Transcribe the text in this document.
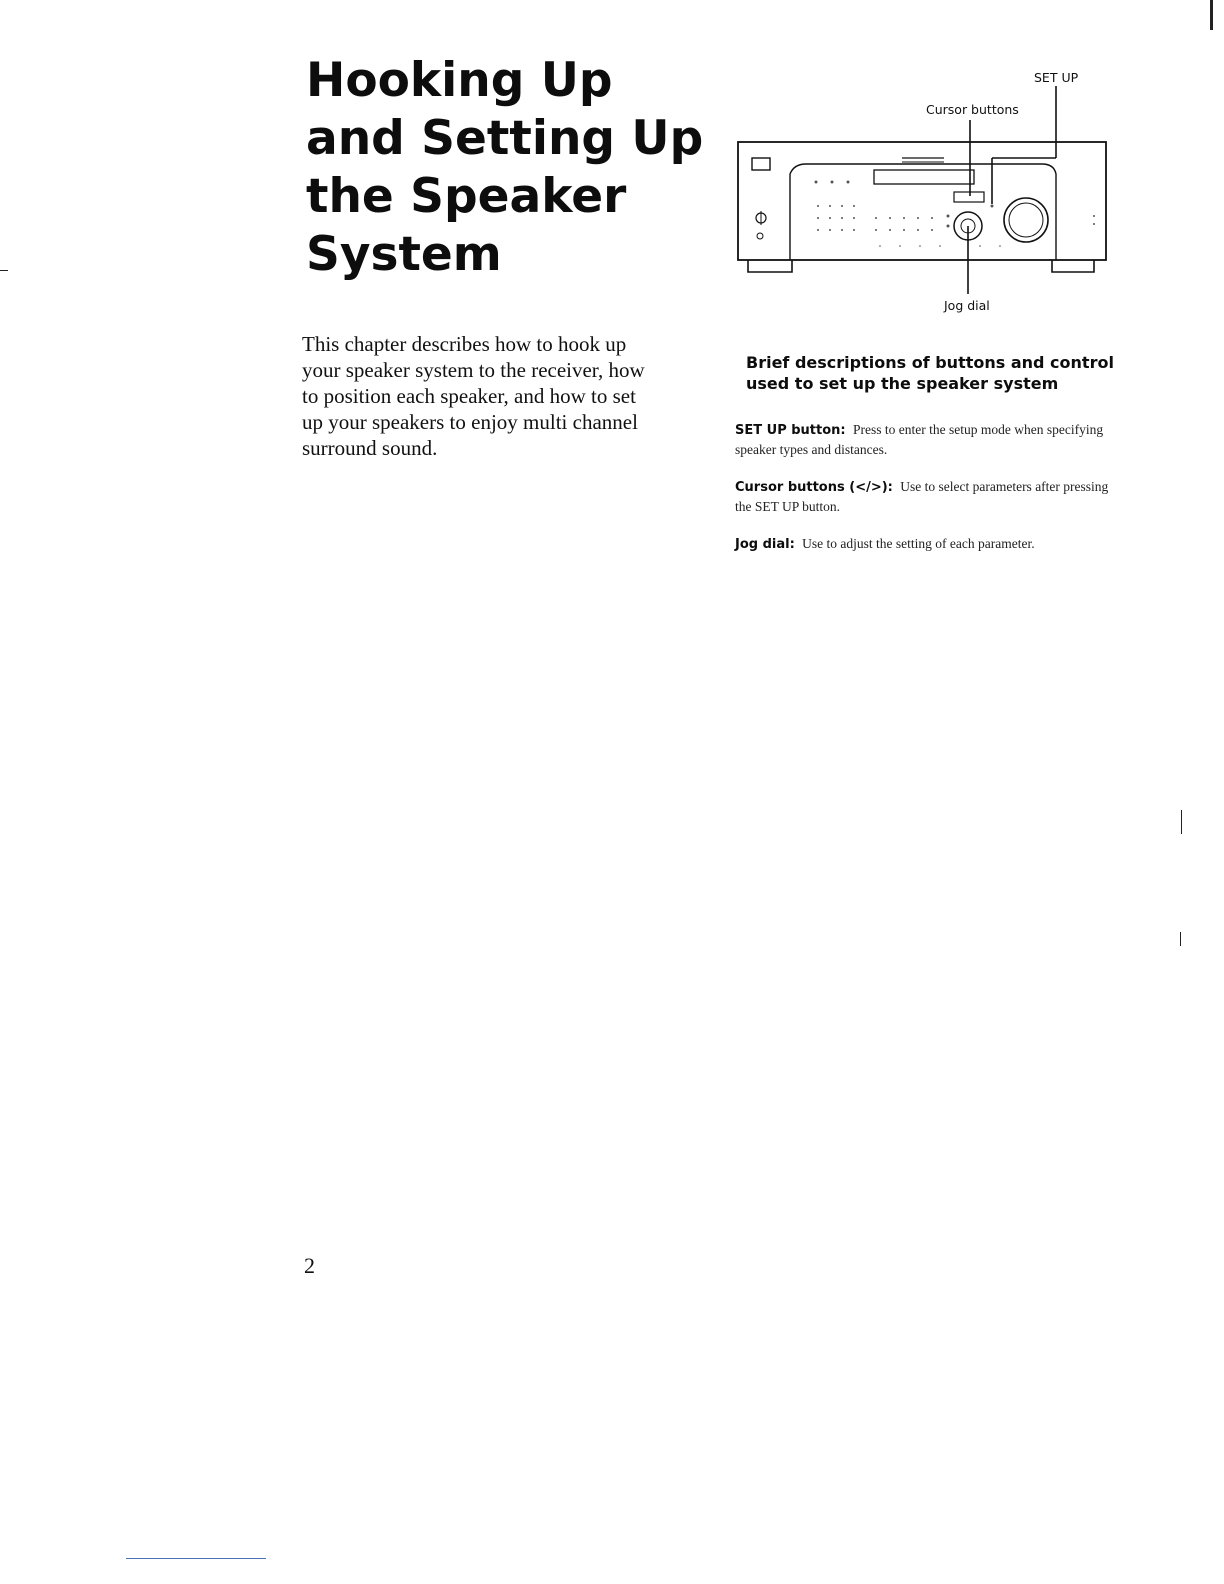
Hooking Up and Setting Up the Speaker System

This chapter describes how to hook up your speaker system to the receiver, how to position each speaker, and how to set up your speakers to enjoy multi channel surround sound.

SET UP
Cursor buttons
Jog dial
Brief descriptions of buttons and control used to set up the speaker system
SET UP button: Press to enter the setup mode when specifying speaker types and distances.
Cursor buttons (</>): Use to select parameters after pressing the SET UP button.
Jog dial: Use to adjust the setting of each parameter.
2
